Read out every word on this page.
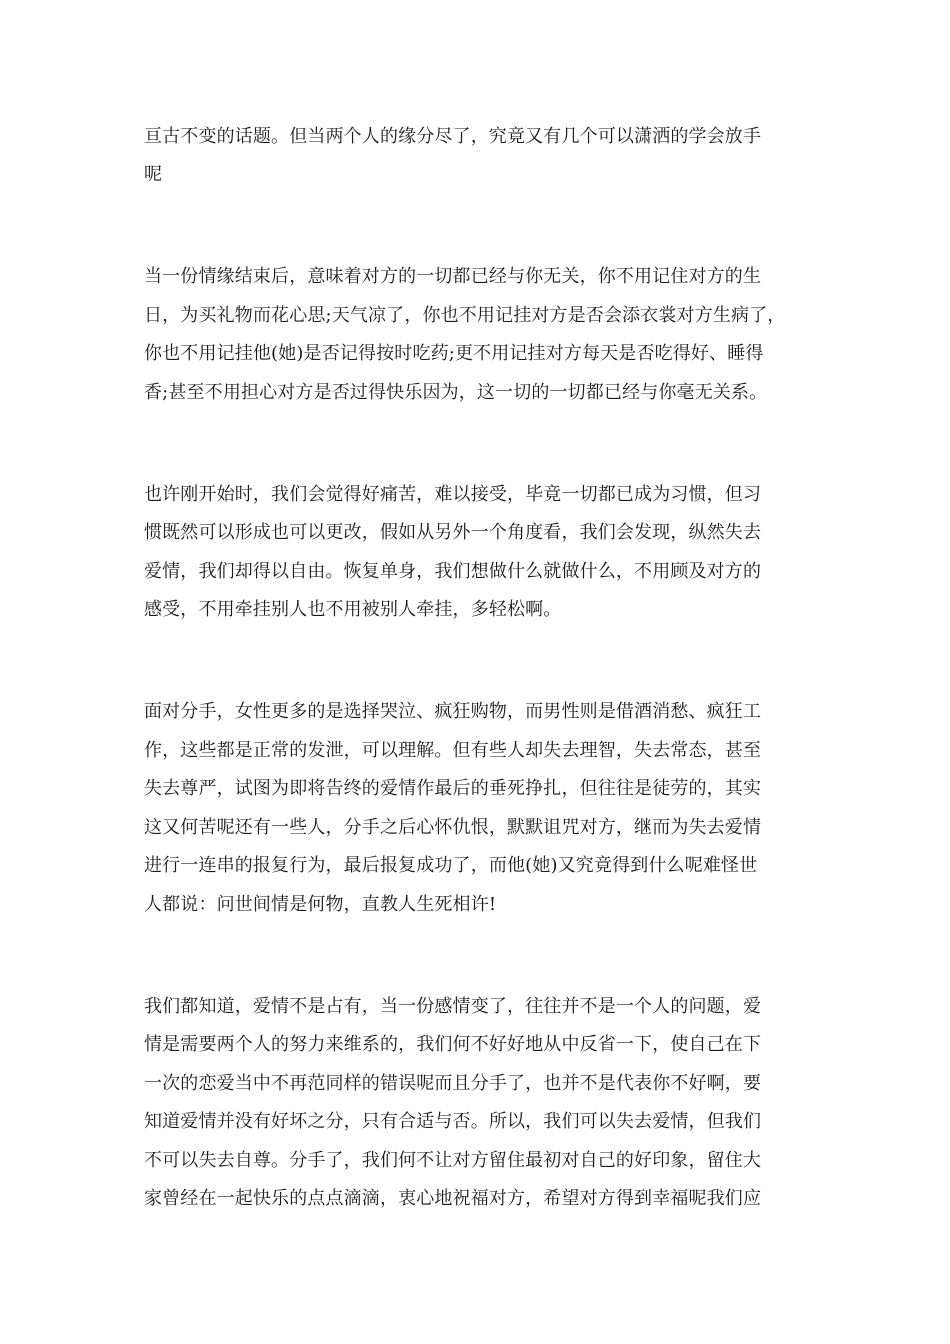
亘古不变的话题。但当两个人的缘分尽了，究竟又有几个可以潇洒的学会放手
呢
当一份情缘结束后，意味着对方的一切都已经与你无关，你不用记住对方的生
日，为买礼物而花心思;天气凉了，你也不用记挂对方是否会添衣裳对方生病了，
你也不用记挂他(她)是否记得按时吃药;更不用记挂对方每天是否吃得好、睡得
香;甚至不用担心对方是否过得快乐因为，这一切的一切都已经与你毫无关系。
也许刚开始时，我们会觉得好痛苦，难以接受，毕竟一切都已成为习惯，但习
惯既然可以形成也可以更改，假如从另外一个角度看，我们会发现，纵然失去
爱情，我们却得以自由。恢复单身，我们想做什么就做什么，不用顾及对方的
感受，不用牵挂别人也不用被别人牵挂，多轻松啊。
面对分手，女性更多的是选择哭泣、疯狂购物，而男性则是借酒消愁、疯狂工
作，这些都是正常的发泄，可以理解。但有些人却失去理智，失去常态，甚至
失去尊严，试图为即将告终的爱情作最后的垂死挣扎，但往往是徒劳的，其实
这又何苦呢还有一些人，分手之后心怀仇恨，默默诅咒对方，继而为失去爱情
进行一连串的报复行为，最后报复成功了，而他(她)又究竟得到什么呢难怪世
人都说：问世间情是何物，直教人生死相许!
我们都知道，爱情不是占有，当一份感情变了，往往并不是一个人的问题，爱
情是需要两个人的努力来维系的，我们何不好好地从中反省一下，使自己在下
一次的恋爱当中不再范同样的错误呢而且分手了，也并不是代表你不好啊，要
知道爱情并没有好坏之分，只有合适与否。所以，我们可以失去爱情，但我们
不可以失去自尊。分手了，我们何不让对方留住最初对自己的好印象，留住大
家曾经在一起快乐的点点滴滴，衷心地祝福对方，希望对方得到幸福呢我们应
